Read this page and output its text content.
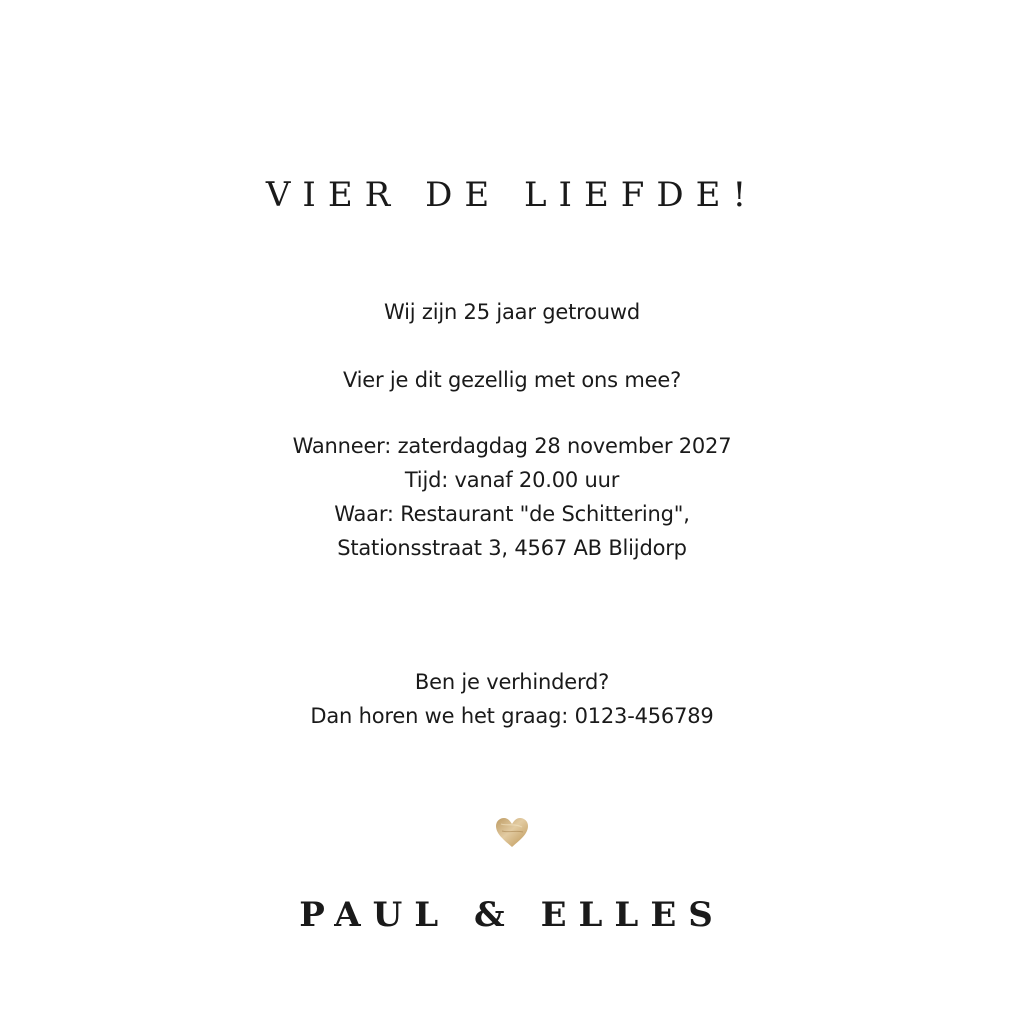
VIER DE LIEFDE!
Wij zijn 25 jaar getrouwd
Vier je dit gezellig met ons mee?
Wanneer: zaterdagdag 28 november 2027
Tijd: vanaf 20.00 uur
Waar: Restaurant "de Schittering",
Stationsstraat 3, 4567 AB Blijdorp
Ben je verhinderd?
Dan horen we het graag: 0123-456789
PAUL & ELLES
